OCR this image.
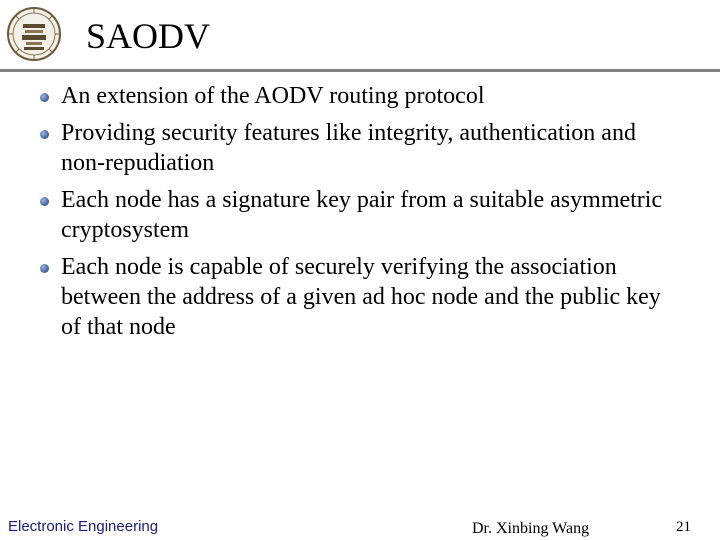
SAODV
An extension of the AODV routing protocol
Providing security features like integrity, authentication and non-repudiation
Each node has a signature key pair from a suitable asymmetric cryptosystem
Each node is capable of securely verifying the association between the address of a given ad hoc node and the public key of that node
Electronic Engineering	Dr. Xinbing Wang	21
